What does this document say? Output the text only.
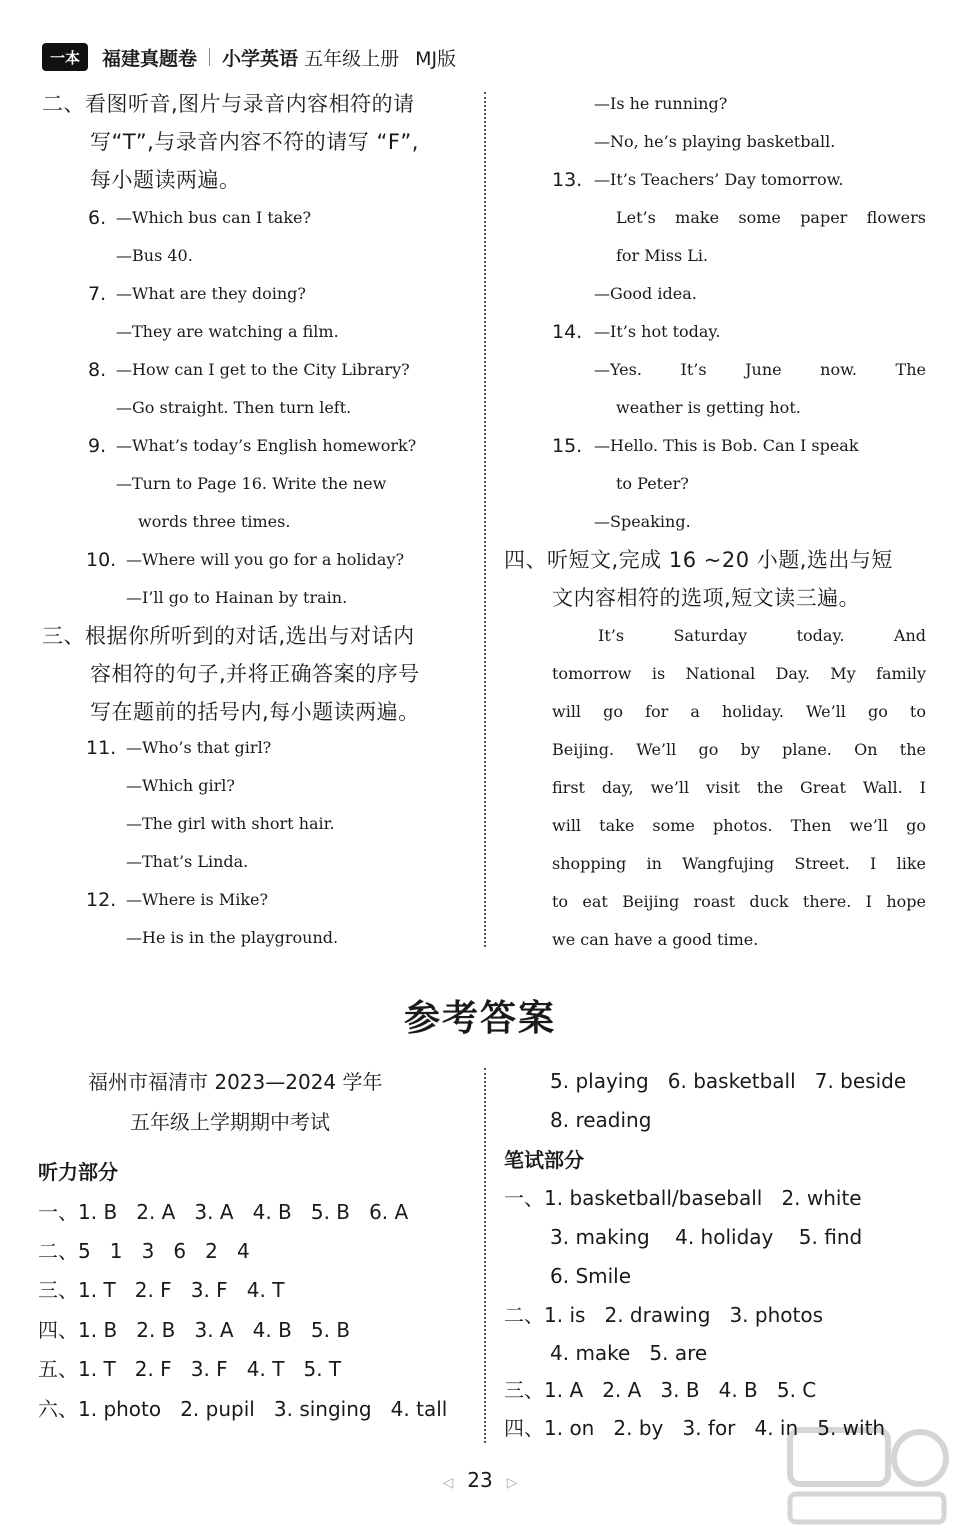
一本	福建真题卷 小学英语 五年级上册 MJ版
二、看图听音,图片与录音内容相符的请
写“T”,与录音内容不符的请写 “F”,
每小题读两遍。
6. —Which bus can I take?
—Bus 40.
7. —What are they doing?
—They are watching a film.
8. —How can I get to the City Library?
—Go straight. Then turn left.
9. —What’s today’s English homework?
—Turn to Page 16. Write the new
words three times.
10. —Where will you go for a holiday?
—I’ll go to Hainan by train.
三、根据你所听到的对话,选出与对话内
容相符的句子,并将正确答案的序号
写在题前的括号内,每小题读两遍。
11. —Who’s that girl?
—Which girl?
—The girl with short hair.
—That’s Linda.
12. —Where is Mike?
—He is in the playground.
—Is he running?
—No, he’s playing basketball.
13. —It’s Teachers’ Day tomorrow.
Let’s make some paper flowers
for Miss Li.
—Good idea.
14. —It’s hot today.
—Yes. It’s June now. The
weather is getting hot.
15. —Hello. This is Bob. Can I speak
to Peter?
—Speaking.
四、听短文,完成 16 ~20 小题,选出与短
文内容相符的选项,短文读三遍。
It’s Saturday today. And
tomorrow is National Day. My family
will go for a holiday. We’ll go to
Beijing. We’ll go by plane. On the
first day, we’ll visit the Great Wall. I
will take some photos. Then we’ll go
shopping in Wangfujing Street. I like
to eat Beijing roast duck there. I hope
we can have a good time.
参考答案
福州市福清市 2023—2024 学年
五年级上学期期中考试
听力部分
一、1. B   2. A   3. A   4. B   5. B   6. A
二、5   1   3   6   2   4
三、1. T   2. F   3. F   4. T
四、1. B   2. B   3. A   4. B   5. B
五、1. T   2. F   3. F   4. T   5. T
六、1. photo   2. pupil   3. singing   4. tall
5. playing   6. basketball   7. beside
8. reading
笔试部分
一、1. basketball/baseball   2. white
3. making    4. holiday    5. find
6. Smile
二、1. is   2. drawing   3. photos
4. make   5. are
三、1. A   2. A   3. B   4. B   5. C
四、1. on   2. by   3. for   4. in   5. with
◁ 23 ▷
